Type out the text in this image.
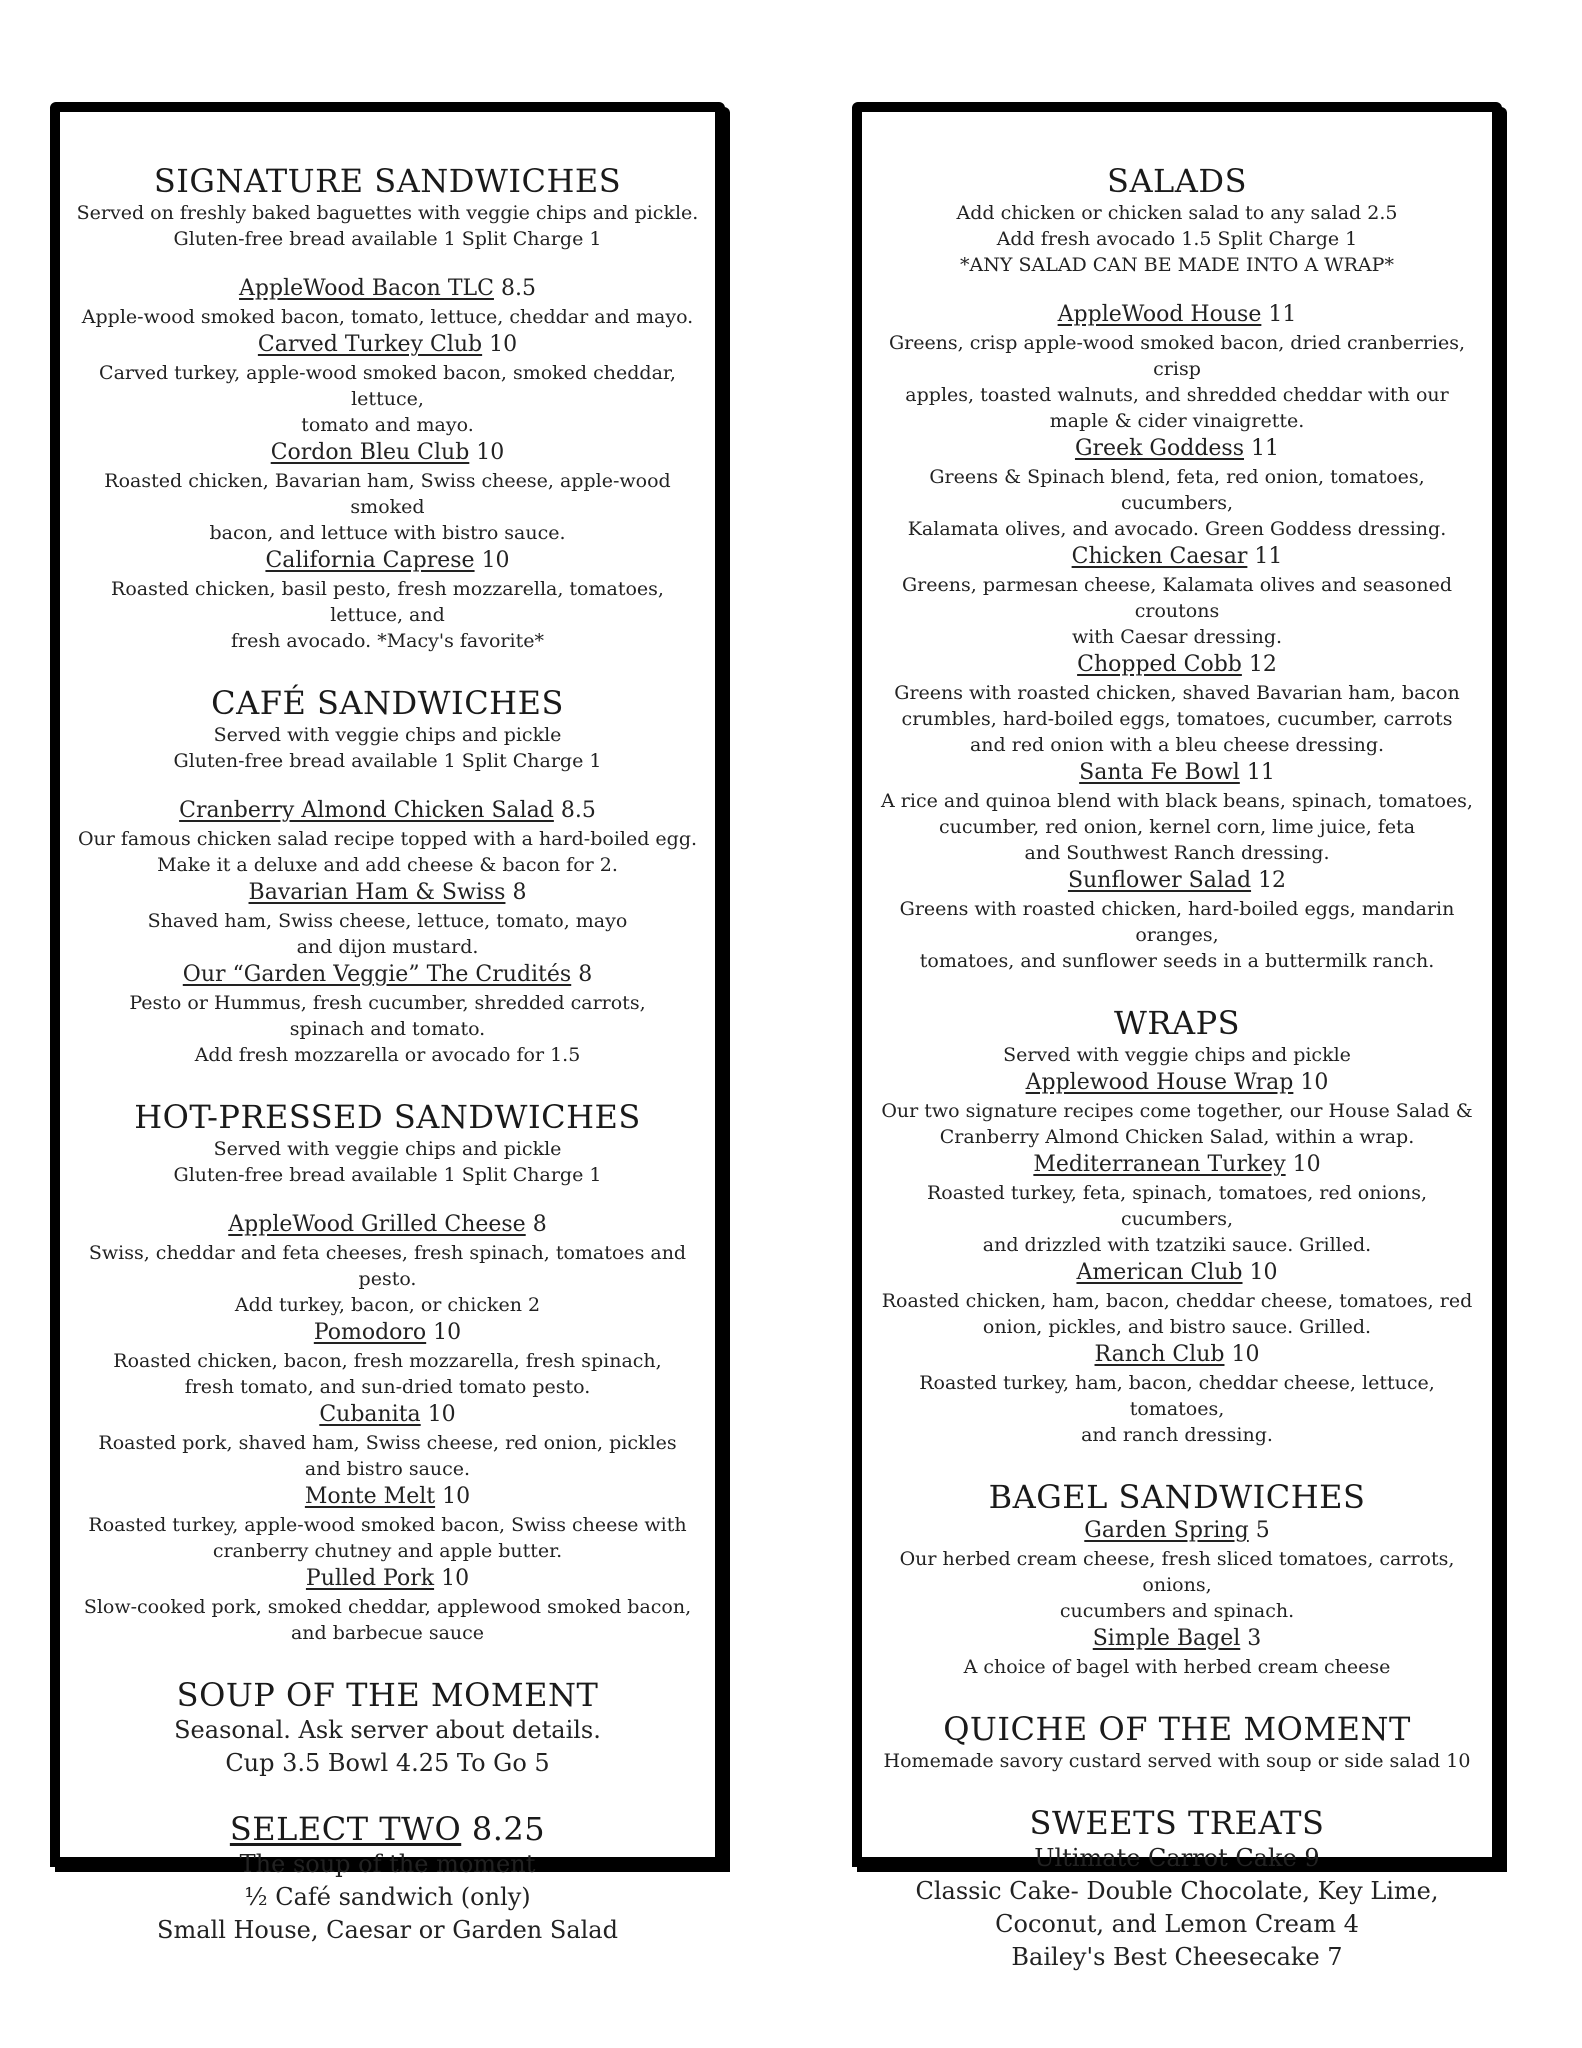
SIGNATURE SANDWICHES
Served on freshly baked baguettes with veggie chips and pickle.
Gluten-free bread available 1 Split Charge 1
AppleWood Bacon TLC 8.5
Apple-wood smoked bacon, tomato, lettuce, cheddar and mayo.
Carved Turkey Club 10
Carved turkey, apple-wood smoked bacon, smoked cheddar, lettuce,
tomato and mayo.
Cordon Bleu Club 10
Roasted chicken, Bavarian ham, Swiss cheese, apple-wood smoked
bacon, and lettuce with bistro sauce.
California Caprese 10
Roasted chicken, basil pesto, fresh mozzarella, tomatoes, lettuce, and
fresh avocado. *Macy's favorite*
CAFÉ SANDWICHES
Served with veggie chips and pickle
Gluten-free bread available 1 Split Charge 1
Cranberry Almond Chicken Salad 8.5
Our famous chicken salad recipe topped with a hard-boiled egg.
Make it a deluxe and add cheese & bacon for 2.
Bavarian Ham & Swiss 8
Shaved ham, Swiss cheese, lettuce, tomato, mayo
and dijon mustard.
Our “Garden Veggie” The Crudités 8
Pesto or Hummus, fresh cucumber, shredded carrots,
spinach and tomato.
Add fresh mozzarella or avocado for 1.5
HOT-PRESSED SANDWICHES
Served with veggie chips and pickle
Gluten-free bread available 1 Split Charge 1
AppleWood Grilled Cheese 8
Swiss, cheddar and feta cheeses, fresh spinach, tomatoes and pesto.
Add turkey, bacon, or chicken 2
Pomodoro 10
Roasted chicken, bacon, fresh mozzarella, fresh spinach,
fresh tomato, and sun-dried tomato pesto.
Cubanita 10
Roasted pork, shaved ham, Swiss cheese, red onion, pickles
and bistro sauce.
Monte Melt 10
Roasted turkey, apple-wood smoked bacon, Swiss cheese with
cranberry chutney and apple butter.
Pulled Pork 10
Slow-cooked pork, smoked cheddar, applewood smoked bacon,
and barbecue sauce
SOUP OF THE MOMENT
Seasonal. Ask server about details.
Cup 3.5 Bowl 4.25 To Go 5
SELECT TWO 8.25
The soup of the moment
½ Café sandwich (only)
Small House, Caesar or Garden Salad
SALADS
Add chicken or chicken salad to any salad 2.5
Add fresh avocado 1.5 Split Charge 1
*ANY SALAD CAN BE MADE INTO A WRAP*
AppleWood House 11
Greens, crisp apple-wood smoked bacon, dried cranberries, crisp
apples, toasted walnuts, and shredded cheddar with our
maple & cider vinaigrette.
Greek Goddess 11
Greens & Spinach blend, feta, red onion, tomatoes, cucumbers,
Kalamata olives, and avocado. Green Goddess dressing.
Chicken Caesar 11
Greens, parmesan cheese, Kalamata olives and seasoned croutons
with Caesar dressing.
Chopped Cobb 12
Greens with roasted chicken, shaved Bavarian ham, bacon
crumbles, hard-boiled eggs, tomatoes, cucumber, carrots
and red onion with a bleu cheese dressing.
Santa Fe Bowl 11
A rice and quinoa blend with black beans, spinach, tomatoes,
cucumber, red onion, kernel corn, lime juice, feta
and Southwest Ranch dressing.
Sunflower Salad 12
Greens with roasted chicken, hard-boiled eggs, mandarin oranges,
tomatoes, and sunflower seeds in a buttermilk ranch.
WRAPS
Served with veggie chips and pickle
Applewood House Wrap 10
Our two signature recipes come together, our House Salad &
Cranberry Almond Chicken Salad, within a wrap.
Mediterranean Turkey 10
Roasted turkey, feta, spinach, tomatoes, red onions, cucumbers,
and drizzled with tzatziki sauce. Grilled.
American Club 10
Roasted chicken, ham, bacon, cheddar cheese, tomatoes, red
onion, pickles, and bistro sauce. Grilled.
Ranch Club 10
Roasted turkey, ham, bacon, cheddar cheese, lettuce, tomatoes,
and ranch dressing.
BAGEL SANDWICHES
Garden Spring 5
Our herbed cream cheese, fresh sliced tomatoes, carrots, onions,
cucumbers and spinach.
Simple Bagel 3
A choice of bagel with herbed cream cheese
QUICHE OF THE MOMENT
Homemade savory custard served with soup or side salad 10
SWEETS TREATS
Ultimate Carrot Cake 9
Classic Cake- Double Chocolate, Key Lime,
Coconut, and Lemon Cream 4
Bailey's Best Cheesecake 7
